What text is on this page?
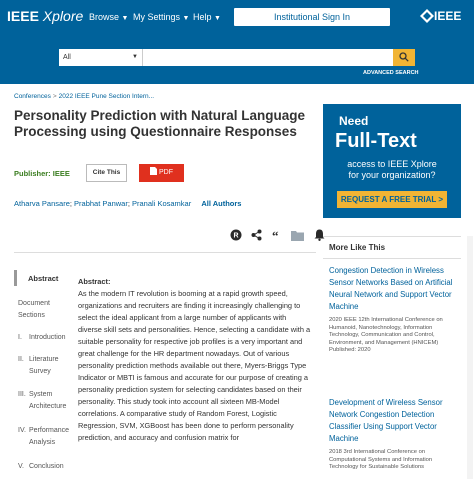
IEEE Xplore Browse ▼ My Settings ▼ Help ▼	Institutional Sign In	IEEE
All	▼
ADVANCED SEARCH
Conferences > 2022 IEEE Pune Section Intern...
Personality Prediction with Natural Language Processing using Questionnaire Responses
Publisher: IEEE	Cite This	PDF
Atharva Pansare; Prabhat Panwar; Pranali Kosamkar All Authors
R
	“

Abstract
Document Sections
I. Introduction
II. Literature Survey
III. System Architecture
IV. Performance Analysis
V. Conclusion
Abstract:
As the modern IT revolution is booming at a rapid growth speed, organizations and recruiters are finding it increasingly challenging to select the ideal applicant from a large number of applicants with diverse skill sets and personalities. Hence, selecting a candidate with a suitable personality for respective job profiles is a very important and great challenge for the HR department nowadays. Out of various personality prediction methods available out there, Myers-Briggs Type Indicator or MBTI is famous and accurate for our purpose of creating a personality prediction system for selecting candidates based on their personality. This study took into account all sixteen MB-Model correlations. A comparative study of Random Forest, Logistic Regression, SVM, XGBoost has been done to perform personality prediction, and accuracy and confusion matrix for
Need
Full-Text
access to IEEE Xplore
for your organization?
REQUEST A FREE TRIAL >
More Like This
Congestion Detection in Wireless Sensor Networks Based on Artificial Neural Network and Support Vector Machine
2020 IEEE 12th International Conference on Humanoid, Nanotechnology, Information Technology, Communication and Control, Environment, and Management (HNICEM)
Published: 2020
Development of Wireless Sensor Network Congestion Detection Classifier Using Support Vector Machine
2018 3rd International Conference on Computational Systems and Information Technology for Sustainable Solutions
